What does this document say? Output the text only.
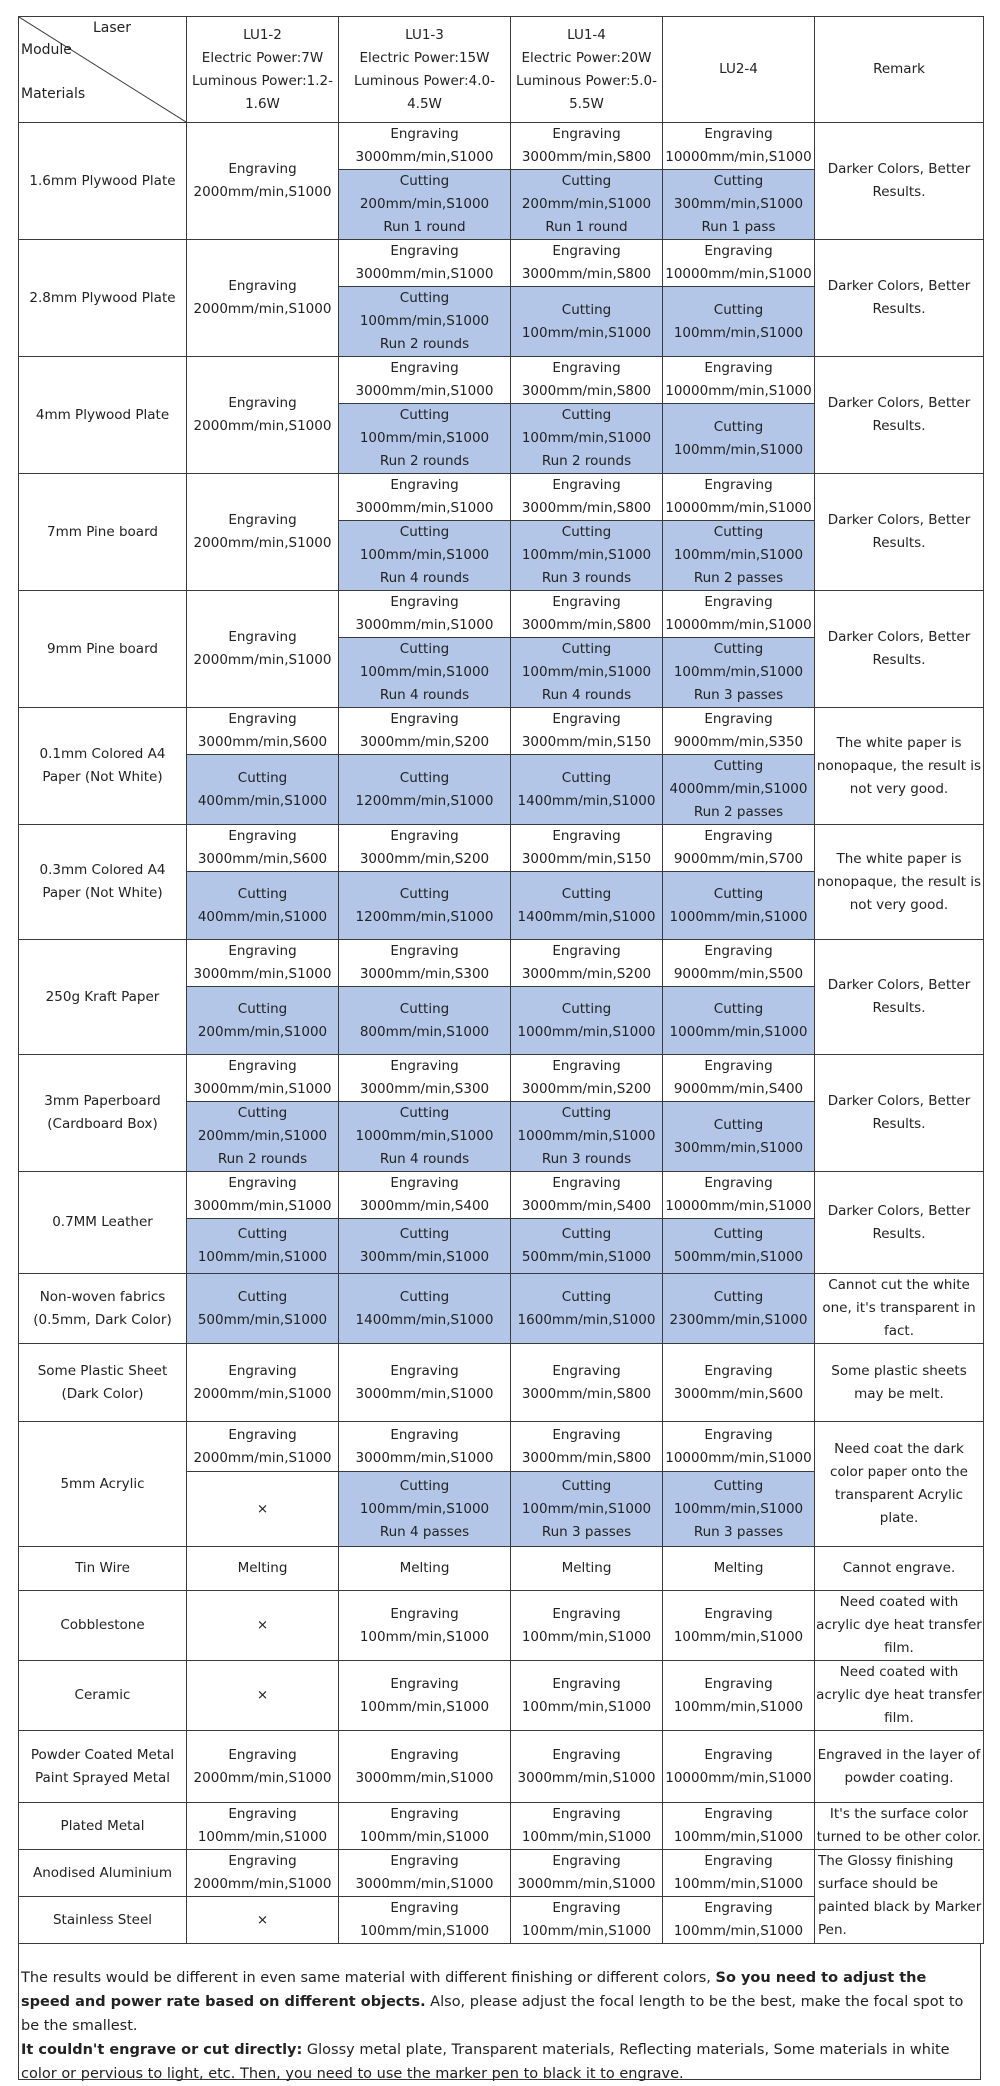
Laser
Module
Materials	LU1-2
Electric Power:7W
Luminous Power:1.2-1.6W	LU1-3
Electric Power:15W
Luminous Power:4.0-4.5W	LU1-4
Electric Power:20W
Luminous Power:5.0-5.5W	LU2-4	Remark
1.6mm Plywood Plate	Engraving
2000mm/min,S1000	Engraving
3000mm/min,S1000	Engraving
3000mm/min,S800	Engraving
10000mm/min,S1000	Darker Colors, Better Results.
		Cutting
200mm/min,S1000
Run 1 round	Cutting
200mm/min,S1000
Run 1 round	Cutting
300mm/min,S1000
Run 1 pass	
2.8mm Plywood Plate	Engraving
2000mm/min,S1000	Engraving
3000mm/min,S1000	Engraving
3000mm/min,S800	Engraving
10000mm/min,S1000	Darker Colors, Better Results.
		Cutting
100mm/min,S1000
Run 2 rounds	Cutting
100mm/min,S1000	Cutting
100mm/min,S1000	
4mm Plywood Plate	Engraving
2000mm/min,S1000	Engraving
3000mm/min,S1000	Engraving
3000mm/min,S800	Engraving
10000mm/min,S1000	Darker Colors, Better Results.
		Cutting
100mm/min,S1000
Run 2 rounds	Cutting
100mm/min,S1000
Run 2 rounds	Cutting
100mm/min,S1000	
7mm Pine board	Engraving
2000mm/min,S1000	Engraving
3000mm/min,S1000	Engraving
3000mm/min,S800	Engraving
10000mm/min,S1000	Darker Colors, Better Results.
		Cutting
100mm/min,S1000
Run 4 rounds	Cutting
100mm/min,S1000
Run 3 rounds	Cutting
100mm/min,S1000
Run 2 passes	
9mm Pine board	Engraving
2000mm/min,S1000	Engraving
3000mm/min,S1000	Engraving
3000mm/min,S800	Engraving
10000mm/min,S1000	Darker Colors, Better Results.
		Cutting
100mm/min,S1000
Run 4 rounds	Cutting
100mm/min,S1000
Run 4 rounds	Cutting
100mm/min,S1000
Run 3 passes	
0.1mm Colored A4 Paper (Not White)	Engraving
3000mm/min,S600	Engraving
3000mm/min,S200	Engraving
3000mm/min,S150	Engraving
9000mm/min,S350	The white paper is nonopaque, the result is not very good.
	Cutting
400mm/min,S1000	Cutting
1200mm/min,S1000	Cutting
1400mm/min,S1000	Cutting
4000mm/min,S1000
Run 2 passes	
0.3mm Colored A4 Paper (Not White)	Engraving
3000mm/min,S600	Engraving
3000mm/min,S200	Engraving
3000mm/min,S150	Engraving
9000mm/min,S700	The white paper is nonopaque, the result is not very good.
	Cutting
400mm/min,S1000	Cutting
1200mm/min,S1000	Cutting
1400mm/min,S1000	Cutting
1000mm/min,S1000	
250g Kraft Paper	Engraving
3000mm/min,S1000	Engraving
3000mm/min,S300	Engraving
3000mm/min,S200	Engraving
9000mm/min,S500	Darker Colors, Better Results.
	Cutting
200mm/min,S1000	Cutting
800mm/min,S1000	Cutting
1000mm/min,S1000	Cutting
1000mm/min,S1000	
3mm Paperboard (Cardboard Box)	Engraving
3000mm/min,S1000	Engraving
3000mm/min,S300	Engraving
3000mm/min,S200	Engraving
9000mm/min,S400	Darker Colors, Better Results.
	Cutting
200mm/min,S1000
Run 2 rounds	Cutting
1000mm/min,S1000
Run 4 rounds	Cutting
1000mm/min,S1000
Run 3 rounds	Cutting
300mm/min,S1000	
0.7MM Leather	Engraving
3000mm/min,S1000	Engraving
3000mm/min,S400	Engraving
3000mm/min,S400	Engraving
10000mm/min,S1000	Darker Colors, Better Results.
	Cutting
100mm/min,S1000	Cutting
300mm/min,S1000	Cutting
500mm/min,S1000	Cutting
500mm/min,S1000	
Non-woven fabrics (0.5mm, Dark Color)	Cutting
500mm/min,S1000	Cutting
1400mm/min,S1000	Cutting
1600mm/min,S1000	Cutting
2300mm/min,S1000	Cannot cut the white one, it's transparent in fact.
Some Plastic Sheet (Dark Color)	Engraving
2000mm/min,S1000	Engraving
3000mm/min,S1000	Engraving
3000mm/min,S800	Engraving
3000mm/min,S600	Some plastic sheets may be melt.
5mm Acrylic	Engraving
2000mm/min,S1000	Engraving
3000mm/min,S1000	Engraving
3000mm/min,S800	Engraving
10000mm/min,S1000	Need coat the dark color paper onto the transparent Acrylic plate.
	×	Cutting
100mm/min,S1000
Run 4 passes	Cutting
100mm/min,S1000
Run 3 passes	Cutting
100mm/min,S1000
Run 3 passes	
Tin Wire	Melting	Melting	Melting	Melting	Cannot engrave.
Cobblestone	×	Engraving
100mm/min,S1000	Engraving
100mm/min,S1000	Engraving
100mm/min,S1000	Need coated with acrylic dye heat transfer film.
Ceramic	×	Engraving
100mm/min,S1000	Engraving
100mm/min,S1000	Engraving
100mm/min,S1000	Need coated with acrylic dye heat transfer film.
Powder Coated Metal Paint Sprayed Metal	Engraving
2000mm/min,S1000	Engraving
3000mm/min,S1000	Engraving
3000mm/min,S1000	Engraving
10000mm/min,S1000	Engraved in the layer of powder coating.
Plated Metal	Engraving
100mm/min,S1000	Engraving
100mm/min,S1000	Engraving
100mm/min,S1000	Engraving
100mm/min,S1000	It's the surface color turned to be other color.
Anodised Aluminium	Engraving
2000mm/min,S1000	Engraving
3000mm/min,S1000	Engraving
3000mm/min,S1000	Engraving
100mm/min,S1000	The Glossy finishing surface should be painted black by Marker Pen.
Stainless Steel	×	Engraving
100mm/min,S1000	Engraving
100mm/min,S1000	Engraving
100mm/min,S1000	
The results would be different in even same material with different finishing or different colors, So you need to adjust the speed and power rate based on different objects. Also, please adjust the focal length to be the best, make the focal spot to be the smallest.
It couldn't engrave or cut directly: Glossy metal plate, Transparent materials, Reflecting materials, Some materials in white color or pervious to light, etc. Then, you need to use the marker pen to black it to engrave.
